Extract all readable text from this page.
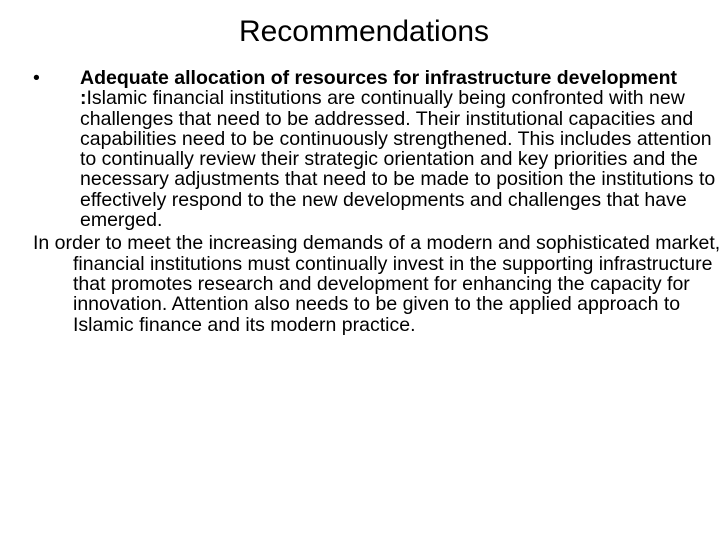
Recommendations

•	Adequate allocation of resources for infrastructure development :Islamic financial institutions are continually being confronted with new challenges that need to be addressed. Their institutional capacities and capabilities need to be continuously strengthened. This includes attention to continually review their strategic orientation and key priorities and the necessary adjustments that need to be made to position the institutions to effectively respond to the new developments and challenges that have emerged.

In order to meet the increasing demands of a modern and sophisticated market, financial institutions must continually invest in the supporting infrastructure that promotes research and development for enhancing the capacity for innovation. Attention also needs to be given to the applied approach to Islamic finance and its modern practice.
